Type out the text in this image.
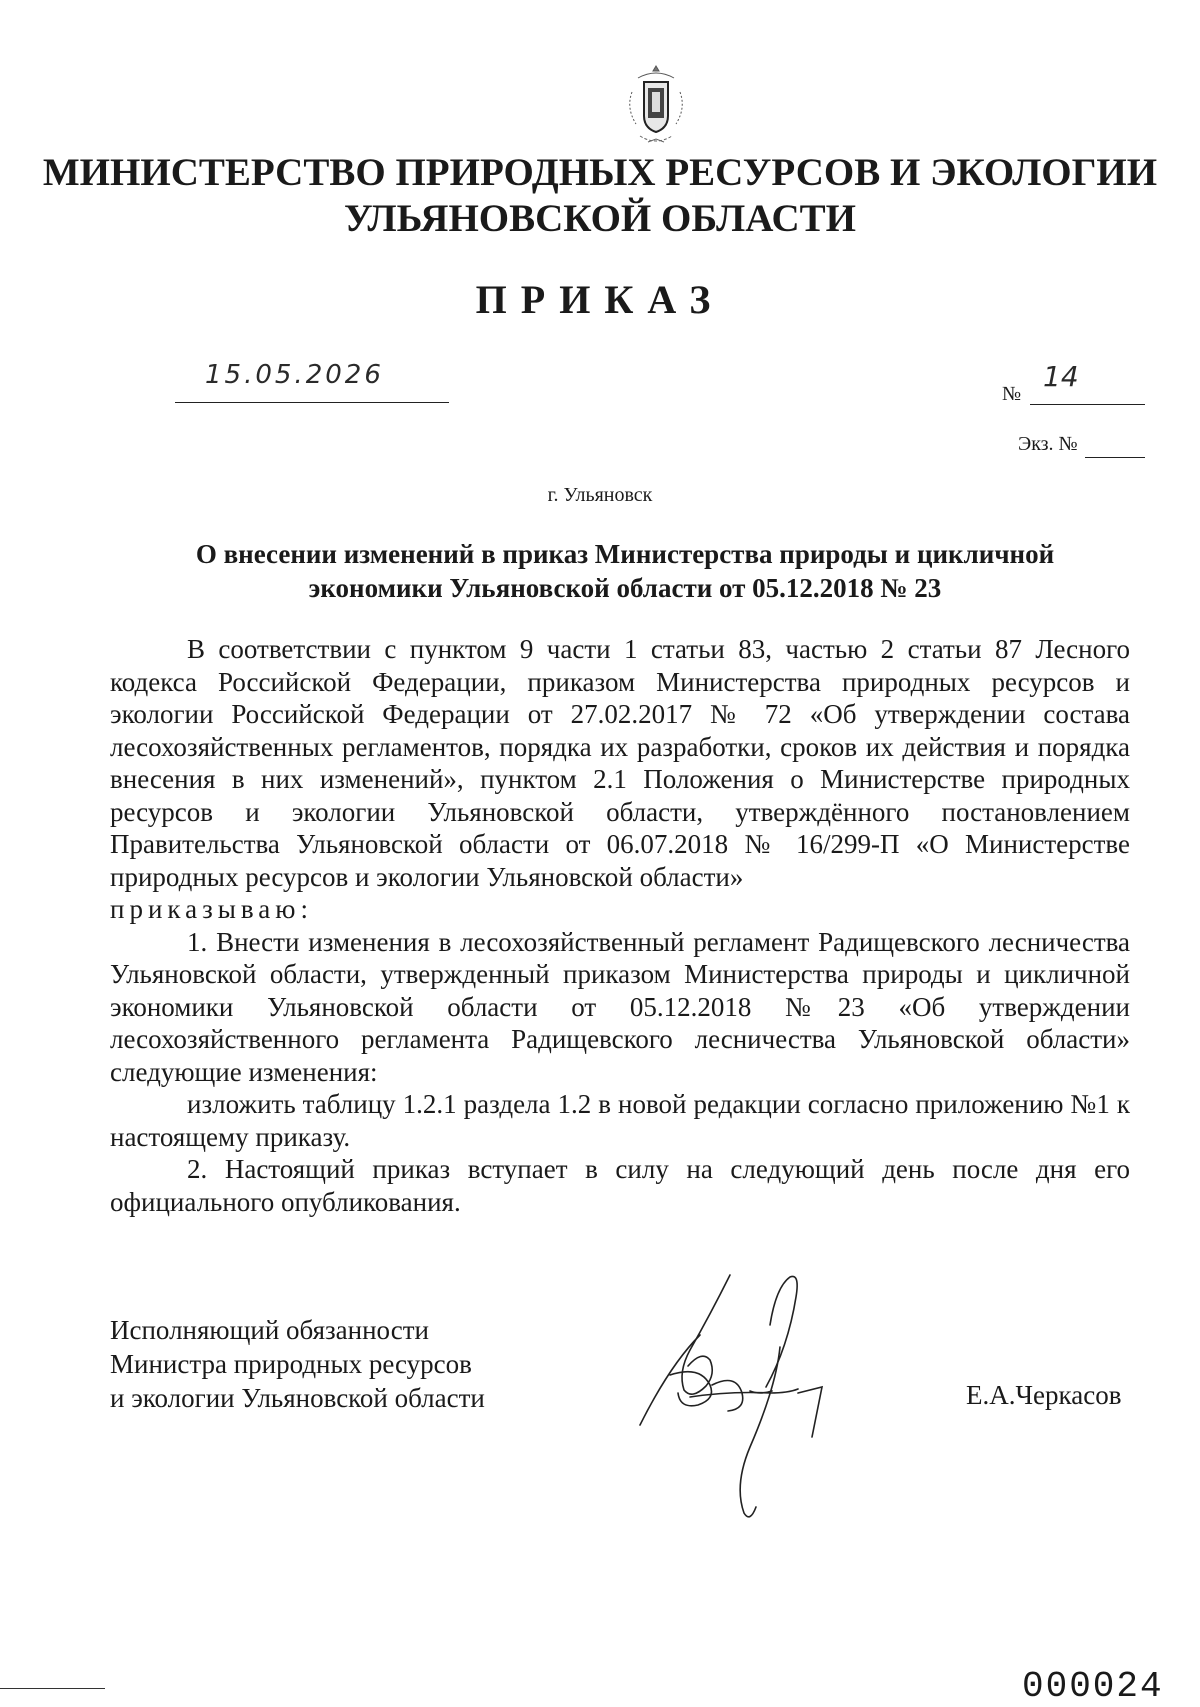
МИНИСТЕРСТВО ПРИРОДНЫХ РЕСУРСОВ И ЭКОЛОГИИ
УЛЬЯНОВСКОЙ ОБЛАСТИ
ПРИКАЗ
15.05.2026
№
14
Экз. №
г. Ульяновск
О внесении изменений в приказ Министерства природы и цикличной
экономики Ульяновской области от 05.12.2018 № 23

В соответствии с пунктом 9 части 1 статьи 83, частью 2 статьи 87 Лесного кодекса Российской Федерации, приказом Министерства природных ресурсов и экологии Российской Федерации от 27.02.2017 № 72 «Об утверждении состава лесохозяйственных регламентов, порядка их разработки, сроков их действия и порядка внесения в них изменений», пунктом 2.1 Положения о Министерстве природных ресурсов и экологии Ульяновской области, утверждённого постановлением Правительства Ульяновской области от 06.07.2018 № 16/299-П «О Министерстве природных ресурсов и экологии Ульяновской области»

приказываю:

1. Внести изменения в лесохозяйственный регламент Радищевского лесничества Ульяновской области, утвержденный приказом Министерства природы и цикличной экономики Ульяновской области от 05.12.2018 №23 «Об утверждении лесохозяйственного регламента Радищевского лесничества Ульяновской области» следующие изменения:

изложить таблицу 1.2.1 раздела 1.2 в новой редакции согласно приложению №1 к настоящему приказу.

2. Настоящий приказ вступает в силу на следующий день после дня его официального опубликования.

Исполняющий обязанности
Министра природных ресурсов
и экологии Ульяновской области	Е.А.Черкасов
000024
